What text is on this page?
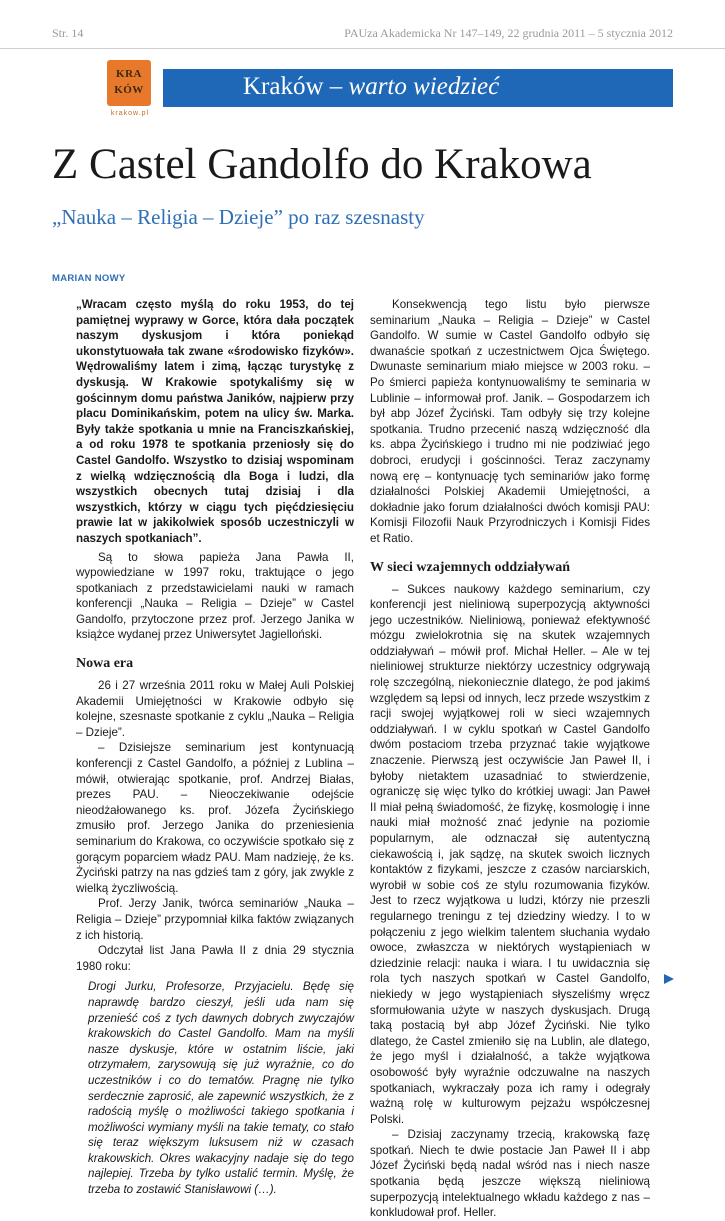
Str. 14	PAUza Akademicka Nr 147–149, 22 grudnia 2011 – 5 stycznia 2012
KRA
KÓW
krakow.pl
Kraków – warto wiedzieć
Z Castel Gandolfo do Krakowa
„Nauka – Religia – Dzieje” po raz szesnasty
MARIAN NOWY

„Wracam często myślą do roku 1953, do tej pamiętnej wyprawy w Gorce, która dała początek naszym dyskusjom i która poniekąd ukonstytuowała tak zwane «środowisko fizyków». Wędrowaliśmy latem i zimą, łącząc turystykę z dyskusją. W Krakowie spotykaliśmy się w gościnnym domu państwa Janików, najpierw przy placu Dominikańskim, potem na ulicy św. Marka. Były także spotkania u mnie na Franciszkańskiej, a od roku 1978 te spotkania przeniosły się do Castel Gandolfo. Wszystko to dzisiaj wspominam z wielką wdzięcznością dla Boga i ludzi, dla wszystkich obecnych tutaj dzisiaj i dla wszystkich, którzy w ciągu tych pięćdziesięciu prawie lat w jakikolwiek sposób uczestniczyli w naszych spotkaniach”.

Są to słowa papieża Jana Pawła II, wypowiedziane w 1997 roku, traktujące o jego spotkaniach z przedstawicielami nauki w ramach konferencji „Nauka – Religia – Dzieje” w Castel Gandolfo, przytoczone przez prof. Jerzego Janika w książce wydanej przez Uniwersytet Jagielloński.

Nowa era

26 i 27 września 2011 roku w Małej Auli Polskiej Akademii Umiejętności w Krakowie odbyło się kolejne, szesnaste spotkanie z cyklu „Nauka – Religia – Dzieje”.

– Dzisiejsze seminarium jest kontynuacją konferencji z Castel Gandolfo, a później z Lublina – mówił, otwierając spotkanie, prof. Andrzej Białas, prezes PAU. – Nieoczekiwanie odejście nieodżałowanego ks. prof. Józefa Życińskiego zmusiło prof. Jerzego Janika do przeniesienia seminarium do Krakowa, co oczywiście spotkało się z gorącym poparciem władz PAU. Mam nadzieję, że ks. Życiński patrzy na nas gdzieś tam z góry, jak zwykle z wielką życzliwością.

Prof. Jerzy Janik, twórca seminariów „Nauka – Religia – Dzieje” przypomniał kilka faktów związanych z ich historią.

Odczytał list Jana Pawła II z dnia 29 stycznia 1980 roku:

Drogi Jurku, Profesorze, Przyjacielu. Będę się naprawdę bardzo cieszył, jeśli uda nam się przenieść coś z tych dawnych dobrych zwyczajów krakowskich do Castel Gandolfo. Mam na myśli nasze dyskusje, które w ostatnim liście, jaki otrzymałem, zarysowują się już wyraźnie, co do uczestników i co do tematów. Pragnę nie tylko serdecznie zaprosić, ale zapewnić wszystkich, że z radością myślę o możliwości takiego spotkania i możliwości wymiany myśli na takie tematy, co stało się teraz większym luksusem niż w czasach krakowskich. Okres wakacyjny nadaje się do tego najlepiej. Trzeba by tylko ustalić termin. Myślę, że trzeba to zostawić Stanisławowi (…).

Konsekwencją tego listu było pierwsze seminarium „Nauka – Religia – Dzieje” w Castel Gandolfo. W sumie w Castel Gandolfo odbyło się dwanaście spotkań z uczestnictwem Ojca Świętego. Dwunaste seminarium miało miejsce w 2003 roku. – Po śmierci papieża kontynuowaliśmy te seminaria w Lublinie – informował prof. Janik. – Gospodarzem ich był abp Józef Życiński. Tam odbyły się trzy kolejne spotkania. Trudno przecenić naszą wdzięczność dla ks. abpa Życińskiego i trudno mi nie podziwiać jego dobroci, erudycji i gościnności. Teraz zaczynamy nową erę – kontynuację tych seminariów jako formę działalności Polskiej Akademii Umiejętności, a dokładnie jako forum działalności dwóch komisji PAU: Komisji Filozofii Nauk Przyrodniczych i Komisji Fides et Ratio.

W sieci wzajemnych oddziaływań

– Sukces naukowy każdego seminarium, czy konferencji jest nieliniową superpozycją aktywności jego uczestników. Nieliniową, ponieważ efektywność mózgu zwielokrotnia się na skutek wzajemnych oddziaływań – mówił prof. Michał Heller. – Ale w tej nieliniowej strukturze niektórzy uczestnicy odgrywają rolę szczególną, niekoniecznie dlatego, że pod jakimś względem są lepsi od innych, lecz przede wszystkim z racji swojej wyjątkowej roli w sieci wzajemnych oddziaływań. I w cyklu spotkań w Castel Gandolfo dwóm postaciom trzeba przyznać takie wyjątkowe znaczenie. Pierwszą jest oczywiście Jan Paweł II, i byłoby nietaktem uzasadniać to stwierdzenie, ograniczę się więc tylko do krótkiej uwagi: Jan Paweł II miał pełną świadomość, że fizykę, kosmologię i inne nauki miał możność znać jedynie na poziomie popularnym, ale odznaczał się autentyczną ciekawością i, jak sądzę, na skutek swoich licznych kontaktów z fizykami, jeszcze z czasów narciarskich, wyrobił w sobie coś ze stylu rozumowania fizyków. Jest to rzecz wyjątkowa u ludzi, którzy nie przeszli regularnego treningu z tej dziedziny wiedzy. I to w połączeniu z jego wielkim talentem słuchania wydało owoce, zwłaszcza w niektórych wystąpieniach w dziedzinie relacji: nauka i wiara. I tu uwidacznia się rola tych naszych spotkań w Castel Gandolfo, niekiedy w jego wystąpieniach słyszeliśmy wręcz sformułowania użyte w naszych dyskusjach. Drugą taką postacią był abp Józef Życiński. Nie tylko dlatego, że Castel zmieniło się na Lublin, ale dlatego, że jego myśl i działalność, a także wyjątkowa osobowość były wyraźnie odczuwalne na naszych spotkaniach, wykraczały poza ich ramy i odegrały ważną rolę w kulturowym pejzażu współczesnej Polski.

– Dzisiaj zaczynamy trzecią, krakowską fazę spotkań. Niech te dwie postacie Jan Paweł II i abp Józef Życiński będą nadal wśród nas i niech nasze spotkania będą jeszcze większą nieliniową superpozycją intelektualnego wkładu każdego z nas –konkludował prof. Heller.
